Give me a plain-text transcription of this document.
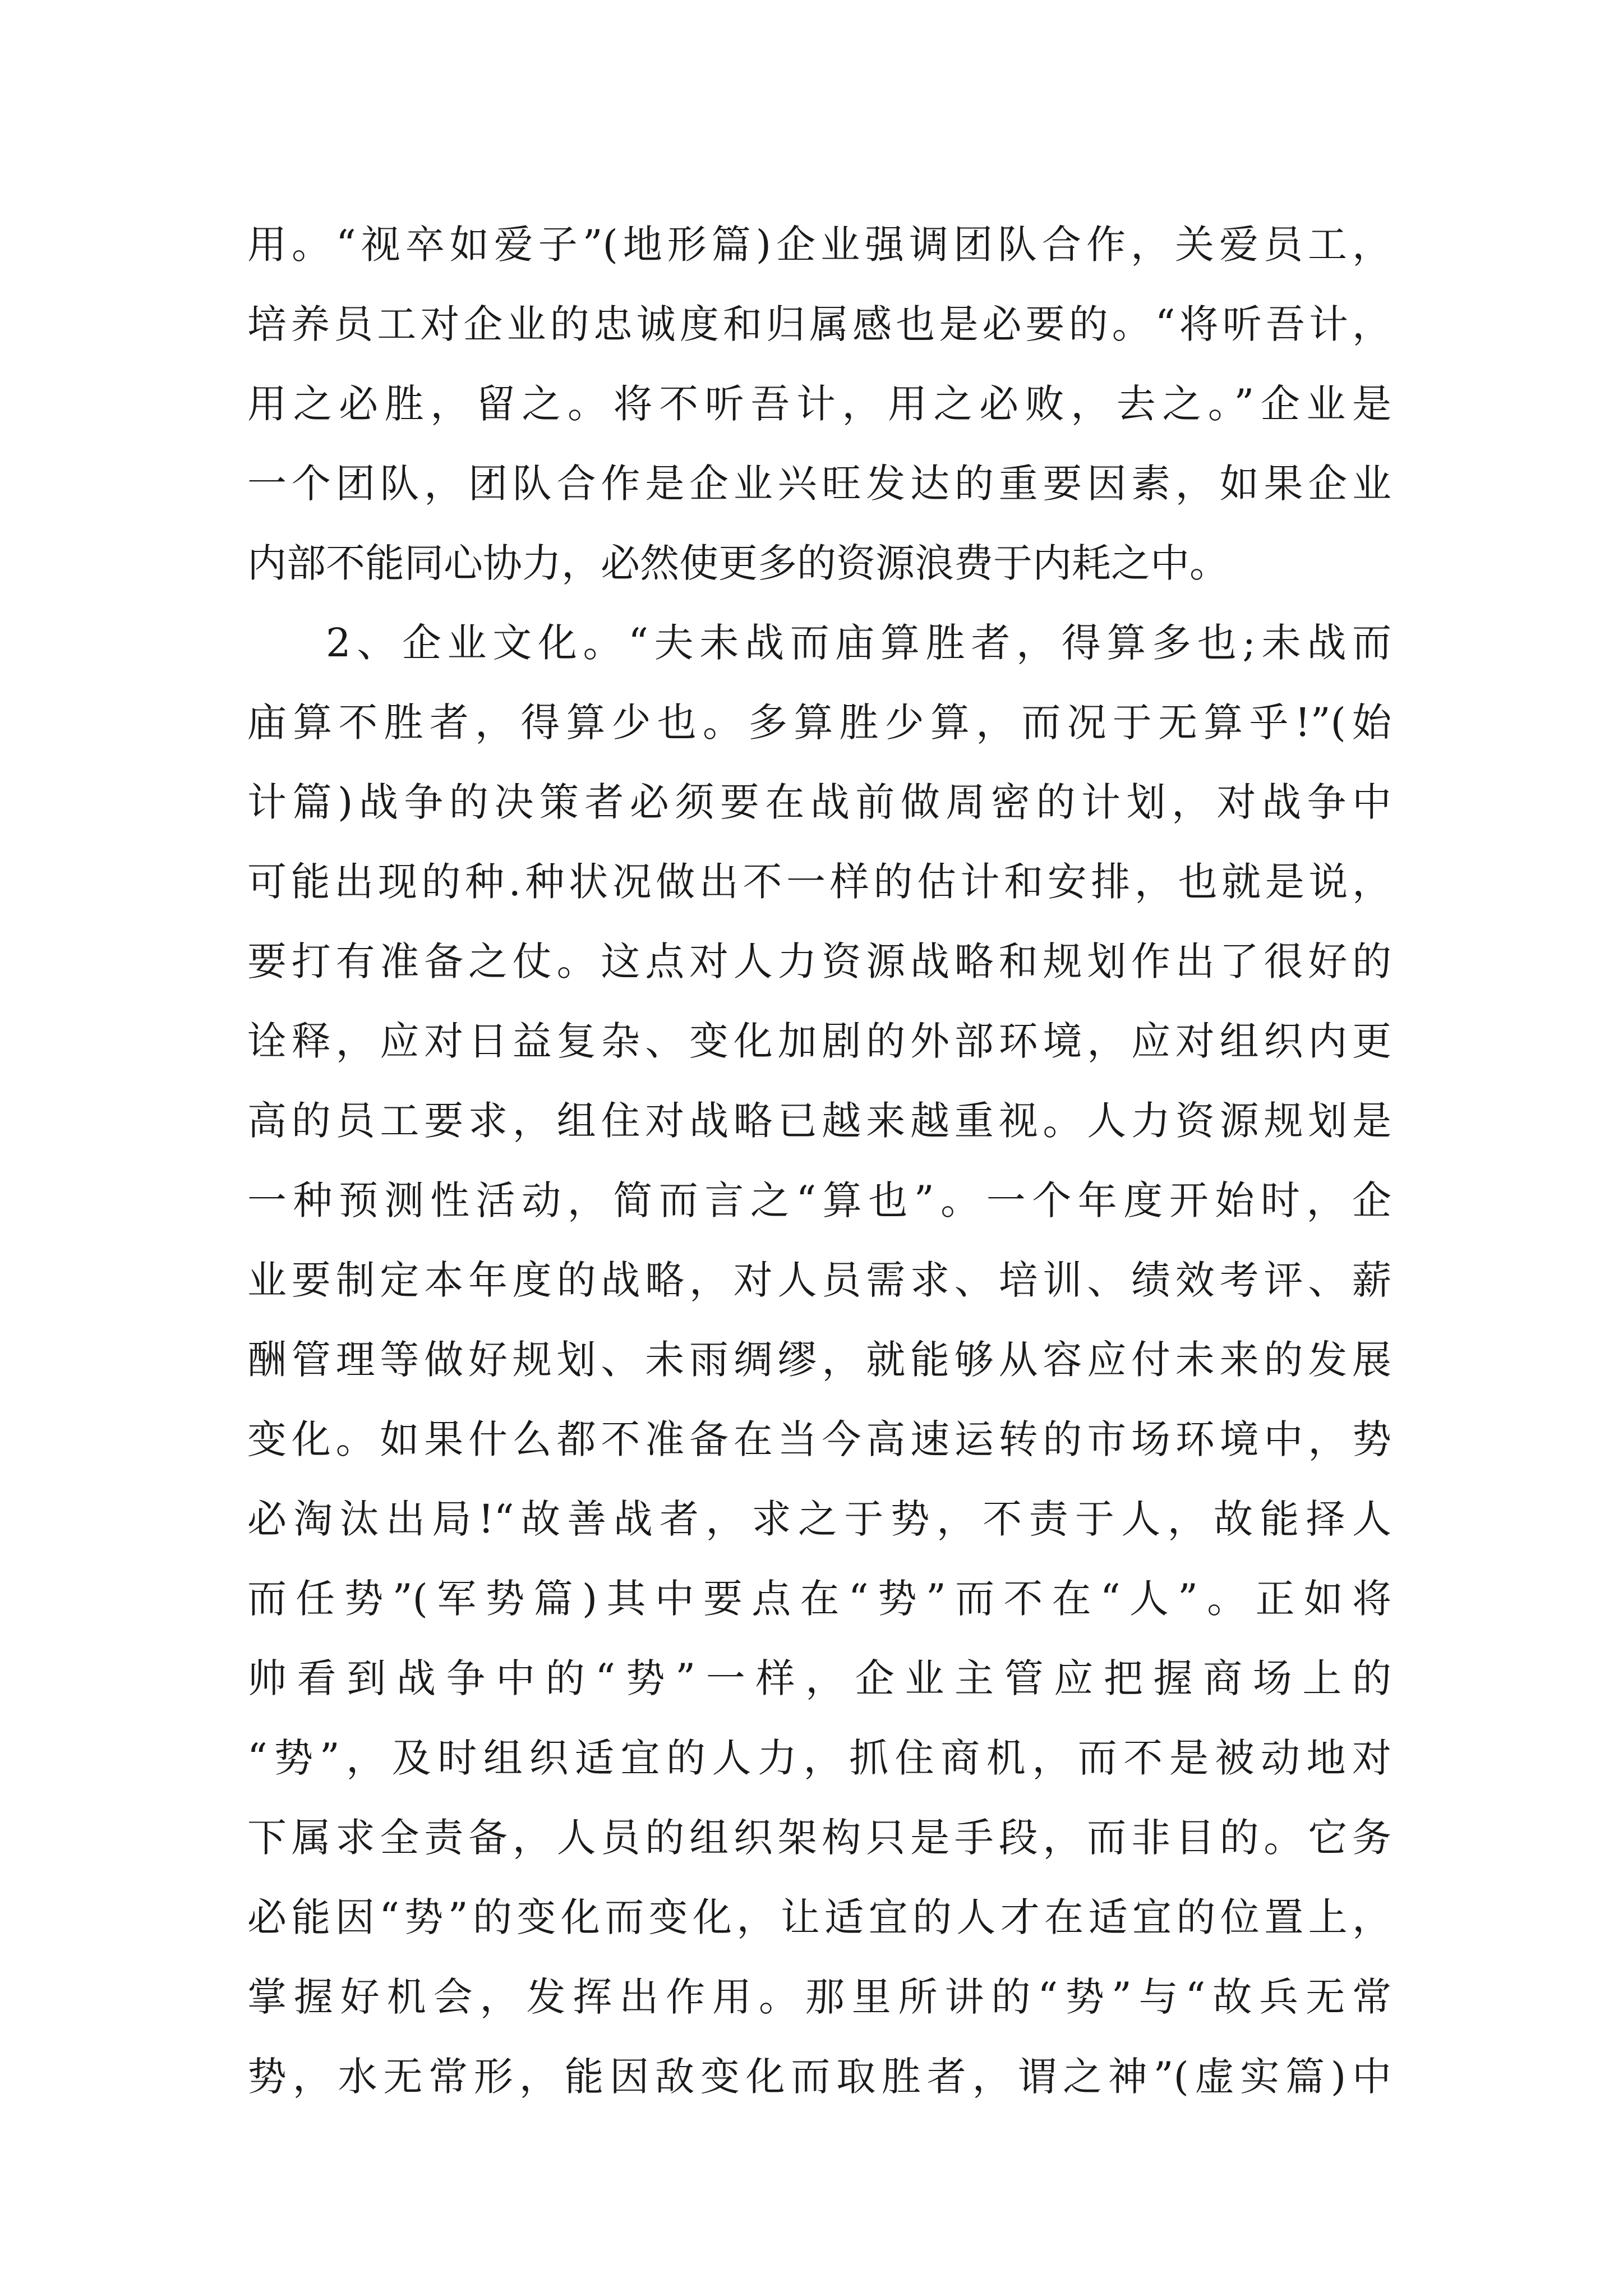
用。“视卒如爱子”(地形篇)企业强调团队合作，关爱员工，
培养员工对企业的忠诚度和归属感也是必要的。“将听吾计，
用之必胜，留之。将不听吾计，用之必败，去之。”企业是
一个团队，团队合作是企业兴旺发达的重要因素，如果企业
内部不能同心协力，必然使更多的资源浪费于内耗之中。
2、企业文化。“夫未战而庙算胜者，得算多也;未战而
庙算不胜者，得算少也。多算胜少算，而况于无算乎!”(始
计篇)战争的决策者必须要在战前做周密的计划，对战争中
可能出现的种.种状况做出不一样的估计和安排，也就是说，
要打有准备之仗。这点对人力资源战略和规划作出了很好的
诠释，应对日益复杂、变化加剧的外部环境，应对组织内更
高的员工要求，组住对战略已越来越重视。人力资源规划是
一种预测性活动，简而言之“算也”。一个年度开始时，企
业要制定本年度的战略，对人员需求、培训、绩效考评、薪
酬管理等做好规划、未雨绸缪，就能够从容应付未来的发展
变化。如果什么都不准备在当今高速运转的市场环境中，势
必淘汰出局!“故善战者，求之于势，不责于人，故能择人
而任势”(军势篇)其中要点在“势”而不在“人”。正如将
帅看到战争中的“势”一样，企业主管应把握商场上的
“势”，及时组织适宜的人力，抓住商机，而不是被动地对
下属求全责备，人员的组织架构只是手段，而非目的。它务
必能因“势”的变化而变化，让适宜的人才在适宜的位置上，
掌握好机会，发挥出作用。那里所讲的“势”与“故兵无常
势，水无常形，能因敌变化而取胜者，谓之神”(虚实篇)中
